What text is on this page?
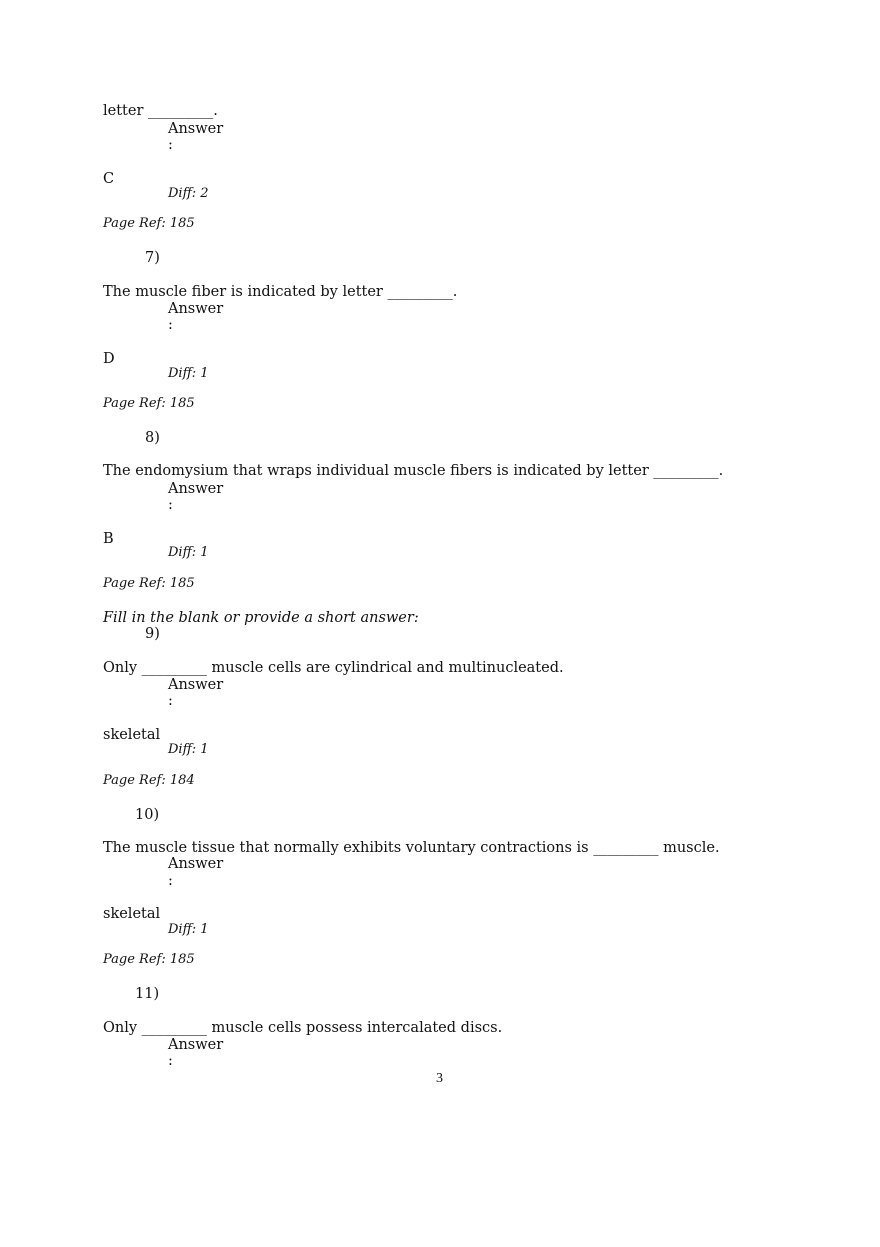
letter _________.
Answer
:
C
Diff: 2
Page Ref: 185
7)
The muscle fiber is indicated by letter _________.
Answer
:
D
Diff: 1
Page Ref: 185
8)
The endomysium that wraps individual muscle fibers is indicated by letter _________.
Answer
:
B
Diff: 1
Page Ref: 185
Fill in the blank or provide a short answer:
9)
Only _________ muscle cells are cylindrical and multinucleated.
Answer
:
skeletal
Diff: 1
Page Ref: 184
10)
The muscle tissue that normally exhibits voluntary contractions is _________ muscle.
Answer
:
skeletal
Diff: 1
Page Ref: 185
11)
Only _________ muscle cells possess intercalated discs.
Answer
:
3
